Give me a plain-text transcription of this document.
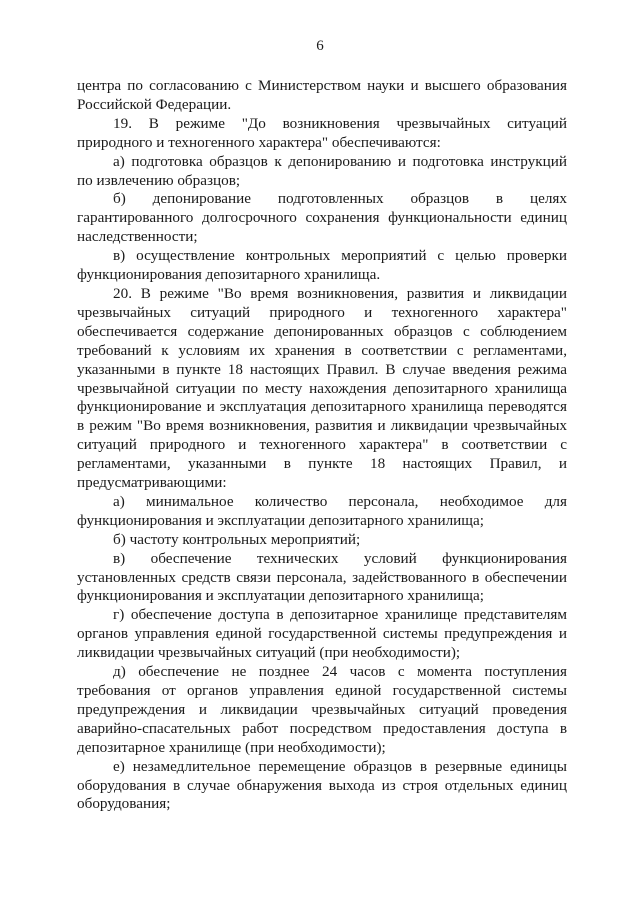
6

центра по согласованию с Министерством науки и высшего образования Российской Федерации.

19. В режиме "До возникновения чрезвычайных ситуаций природного и техногенного характера" обеспечиваются:

а) подготовка образцов к депонированию и подготовка инструкций по извлечению образцов;

б) депонирование подготовленных образцов в целях гарантированного долгосрочного сохранения функциональности единиц наследственности;

в) осуществление контрольных мероприятий с целью проверки функционирования депозитарного хранилища.

20. В режиме "Во время возникновения, развития и ликвидации чрезвычайных ситуаций природного и техногенного характера" обеспечивается содержание депонированных образцов с соблюдением требований к условиям их хранения в соответствии с регламентами, указанными в пункте 18 настоящих Правил. В случае введения режима чрезвычайной ситуации по месту нахождения депозитарного хранилища функционирование и эксплуатация депозитарного хранилища переводятся в режим "Во время возникновения, развития и ликвидации чрезвычайных ситуаций природного и техногенного характера" в соответствии с регламентами, указанными в пункте 18 настоящих Правил, и предусматривающими:

а) минимальное количество персонала, необходимое для функционирования и эксплуатации депозитарного хранилища;

б) частоту контрольных мероприятий;

в) обеспечение технических условий функционирования установленных средств связи персонала, задействованного в обеспечении функционирования и эксплуатации депозитарного хранилища;

г) обеспечение доступа в депозитарное хранилище представителям органов управления единой государственной системы предупреждения и ликвидации чрезвычайных ситуаций (при необходимости);

д) обеспечение не позднее 24 часов с момента поступления требования от органов управления единой государственной системы предупреждения и ликвидации чрезвычайных ситуаций проведения аварийно-спасательных работ посредством предоставления доступа в депозитарное хранилище (при необходимости);

е) незамедлительное перемещение образцов в резервные единицы оборудования в случае обнаружения выхода из строя отдельных единиц оборудования;
